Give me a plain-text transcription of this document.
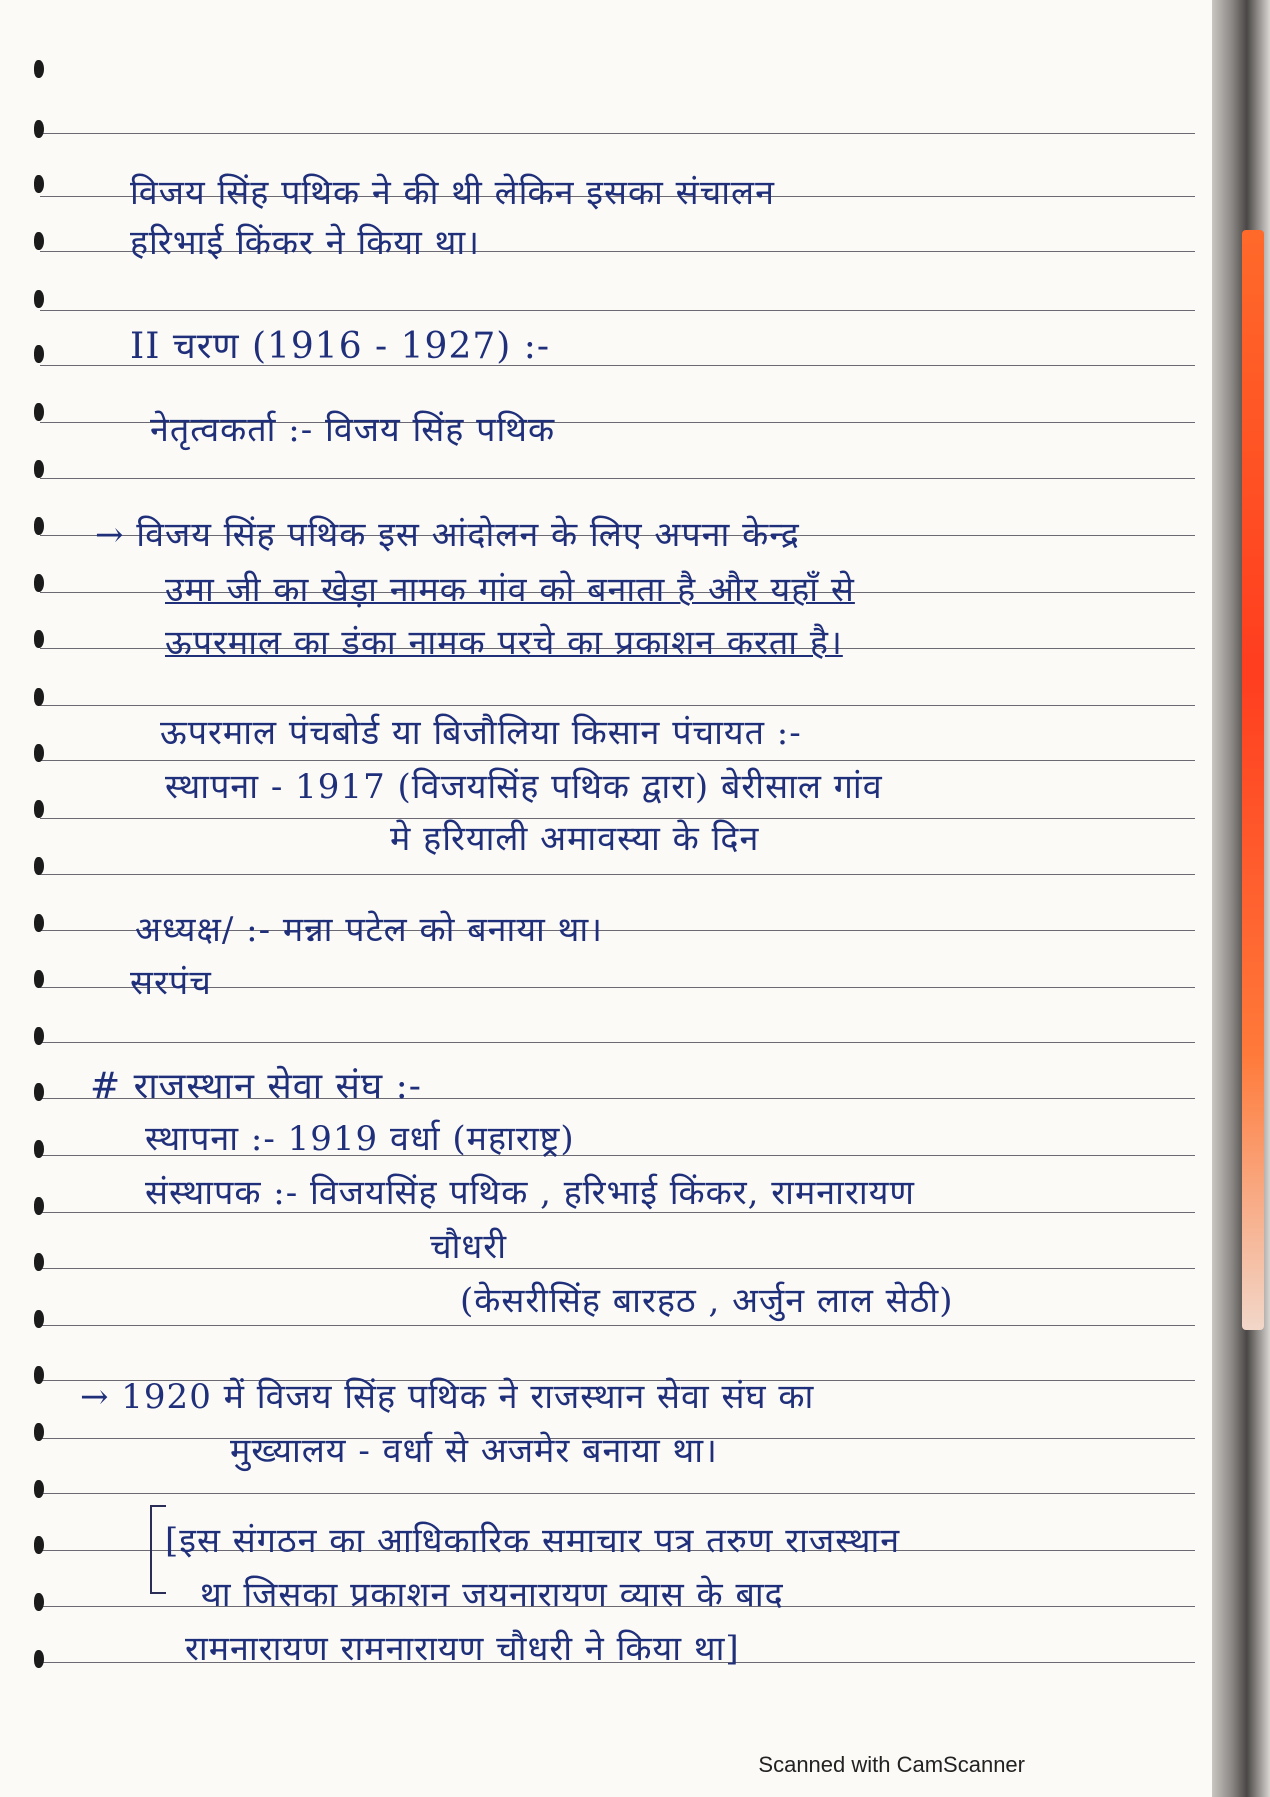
विजय सिंह पथिक ने की थी लेकिन इसका संचालन
हरिभाई किंकर ने किया था।
II चरण (1916 - 1927) :-
नेतृत्वकर्ता :- विजय सिंह पथिक
→ विजय सिंह पथिक इस आंदोलन के लिए अपना केन्द्र
उमा जी का खेड़ा नामक गांव को बनाता है और यहाँ से
ऊपरमाल का डंका नामक परचे का प्रकाशन करता है।
ऊपरमाल पंचबोर्ड या बिजौलिया किसान पंचायत :-
स्थापना - 1917 (विजयसिंह पथिक द्वारा) बेरीसाल गांव
मे हरियाली अमावस्या के दिन
अध्यक्ष/ :- मन्ना पटेल को बनाया था।
सरपंच
# राजस्थान सेवा संघ :-
स्थापना :- 1919 वर्धा (महाराष्ट्र)
संस्थापक :- विजयसिंह पथिक , हरिभाई किंकर, रामनारायण
चौधरी
(केसरीसिंह बारहठ , अर्जुन लाल सेठी)
→ 1920 में विजय सिंह पथिक ने राजस्थान सेवा संघ का
मुख्यालय - वर्धा से अजमेर बनाया था।
[इस संगठन का आधिकारिक समाचार पत्र तरुण राजस्थान
था जिसका प्रकाशन जयनारायण व्यास के बाद
रामनारायण रामनारायण चौधरी ने किया था]
Scanned with CamScanner
